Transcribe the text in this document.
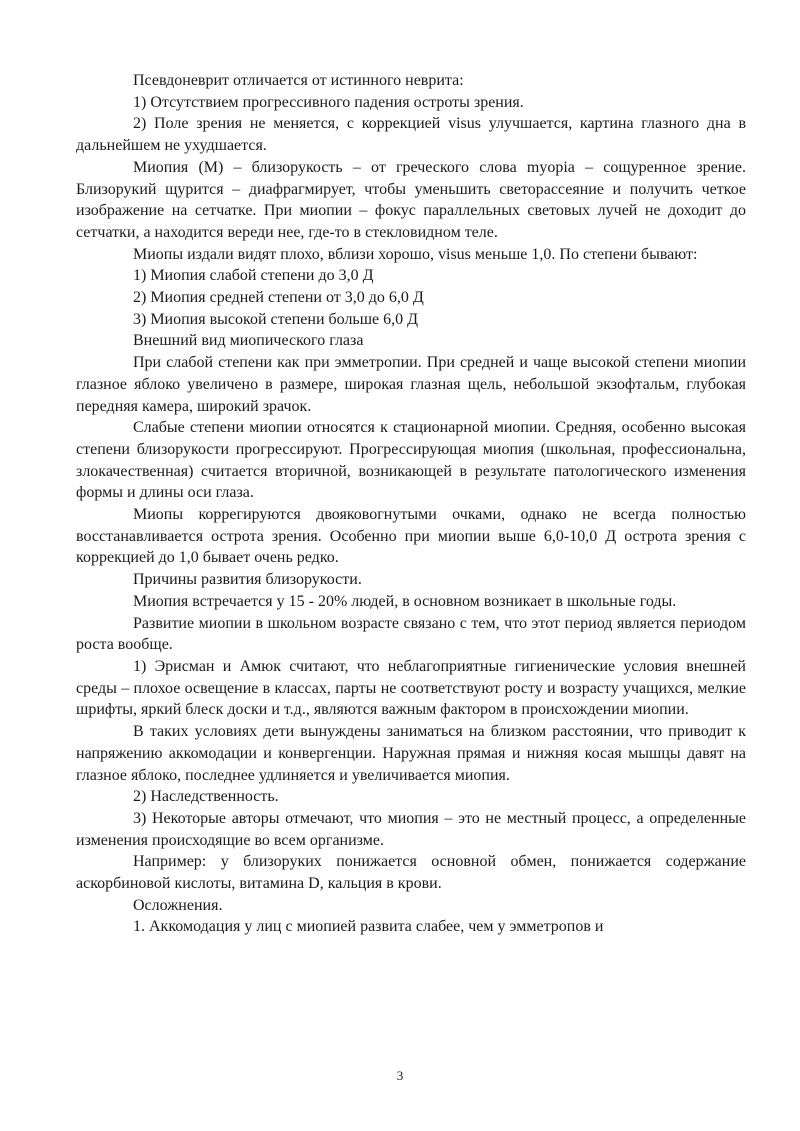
Псевдоневрит отличается от истинного неврита:

1) Отсутствием прогрессивного падения остроты зрения.

2) Поле зрения не меняется, с коррекцией visus улучшается, картина глазного дна в дальнейшем не ухудшается.

Миопия (М) – близорукость – от греческого слова myopia – сощуренное зрение. Близорукий щурится – диафрагмирует, чтобы уменьшить светорассеяние и получить четкое изображение на сетчатке. При миопии – фокус параллельных световых лучей не доходит до сетчатки, а находится вереди нее, где-то в стекловидном теле.

Миопы издали видят плохо, вблизи хорошо, visus меньше 1,0. По степени бывают:

1) Миопия слабой степени до 3,0 Д

2) Миопия средней степени от 3,0 до 6,0 Д

3) Миопия высокой степени больше 6,0 Д

Внешний вид миопического глаза

При слабой степени как при эмметропии. При средней и чаще высокой степени миопии глазное яблоко увеличено в размере, широкая глазная щель, небольшой экзофтальм, глубокая передняя камера, широкий зрачок.

Слабые степени миопии относятся к стационарной миопии. Средняя, особенно высокая степени близорукости прогрессируют. Прогрессирующая миопия (школьная, профессиональна, злокачественная) считается вторичной, возникающей в результате патологического изменения формы и длины оси глаза.

Миопы коррегируются двояковогнутыми очками, однако не всегда полностью восстанавливается острота зрения. Особенно при миопии выше 6,0-10,0 Д острота зрения с коррекцией до 1,0 бывает очень редко.

Причины развития близорукости.

Миопия встречается у 15 - 20% людей, в основном возникает в школьные годы.

Развитие миопии в школьном возрасте связано с тем, что этот период является периодом роста вообще.

1) Эрисман и Амюк считают, что неблагоприятные гигиенические условия внешней среды – плохое освещение в классах, парты не соответствуют росту и возрасту учащихся, мелкие шрифты, яркий блеск доски и т.д., являются важным фактором в происхождении миопии.

В таких условиях дети вынуждены заниматься на близком расстоянии, что приводит к напряжению аккомодации и конвергенции. Наружная прямая и нижняя косая мышцы давят на глазное яблоко, последнее удлиняется и увеличивается миопия.

2) Наследственность.

3) Некоторые авторы отмечают, что миопия – это не местный процесс, а определенные изменения происходящие во всем организме.

Например: у близоруких понижается основной обмен, понижается содержание аскорбиновой кислоты, витамина D, кальция в крови.

Осложнения.

1. Аккомодация у лиц с миопией развита слабее, чем у эмметропов и

3
